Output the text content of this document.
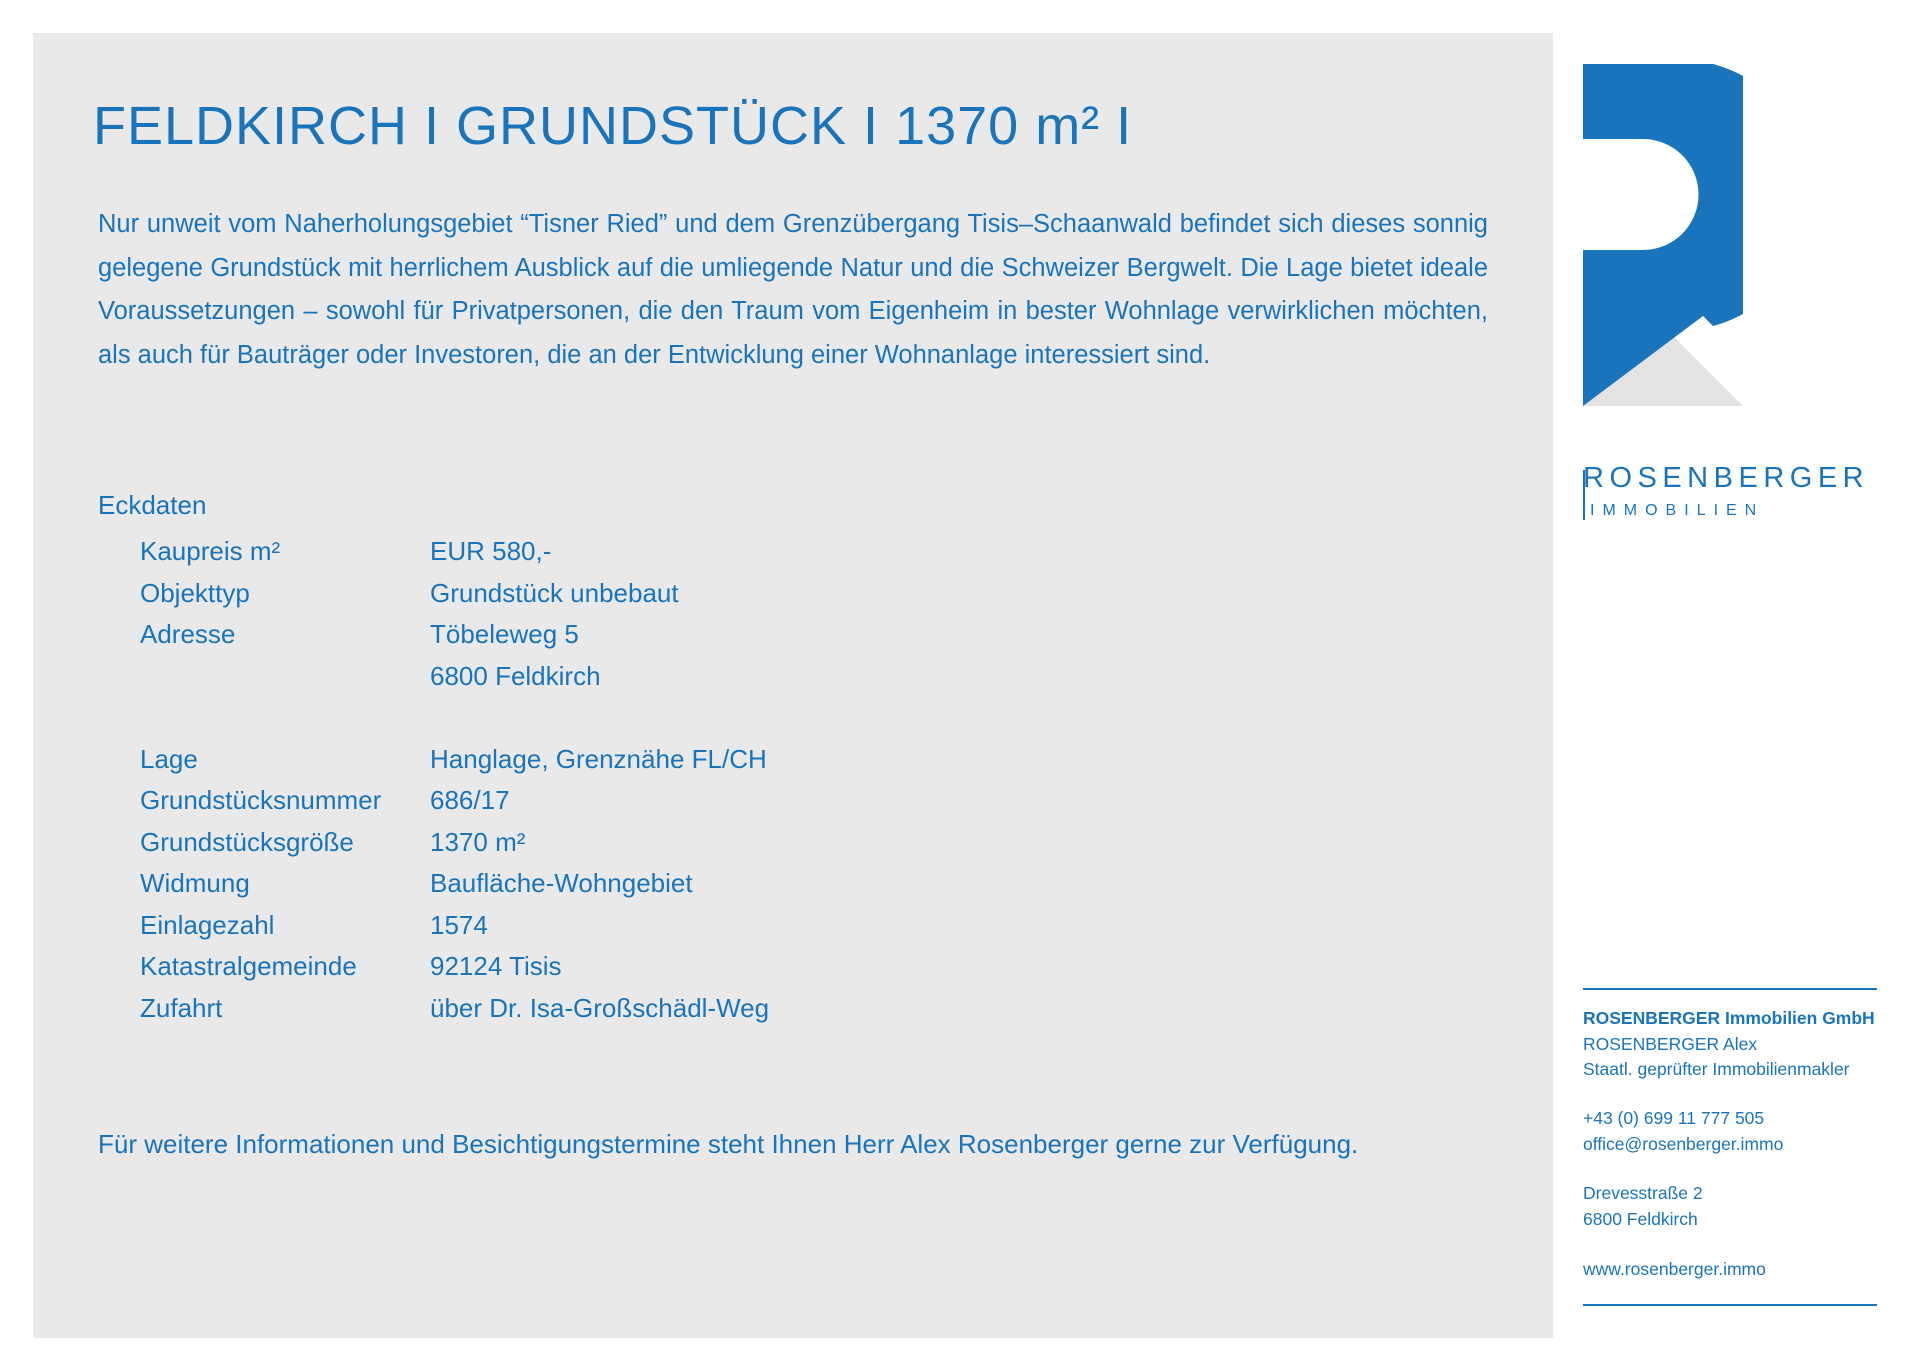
FELDKIRCH I GRUNDSTÜCK I 1370 m² I

Nur unweit vom Naherholungsgebiet “Tisner Ried” und dem Grenzübergang Tisis–Schaanwald befindet sich dieses sonnig gelegene Grundstück mit herrlichem Ausblick auf die umliegende Natur und die Schweizer Bergwelt. Die Lage bietet ideale Voraussetzungen – sowohl für Privatpersonen, die den Traum vom Eigenheim in bester Wohnlage verwirklichen möchten, als auch für Bauträger oder Investoren, die an der Entwicklung einer Wohnanlage interessiert sind.

Eckdaten
Kaupreis m²	EUR 580,-
Objekttyp	Grundstück unbebaut
Adresse	Töbeleweg 5
6800 Feldkirch
Lage	Hanglage, Grenznähe FL/CH
Grundstücksnummer	686/17
Grundstücksgröße	1370 m²
Widmung	Baufläche-Wohngebiet
Einlagezahl	1574
Katastralgemeinde	92124 Tisis
Zufahrt	über Dr. Isa-Großschädl-Weg

Für weitere Informationen und Besichtigungstermine steht Ihnen Herr Alex Rosenberger gerne zur Verfügung.

ROSENBERGER
IMMOBILIEN
ROSENBERGER Immobilien GmbH
ROSENBERGER Alex
Staatl. geprüfter Immobilienmakler
+43 (0) 699 11 777 505
office@rosenberger.immo
Drevesstraße 2
6800 Feldkirch
www.rosenberger.immo
